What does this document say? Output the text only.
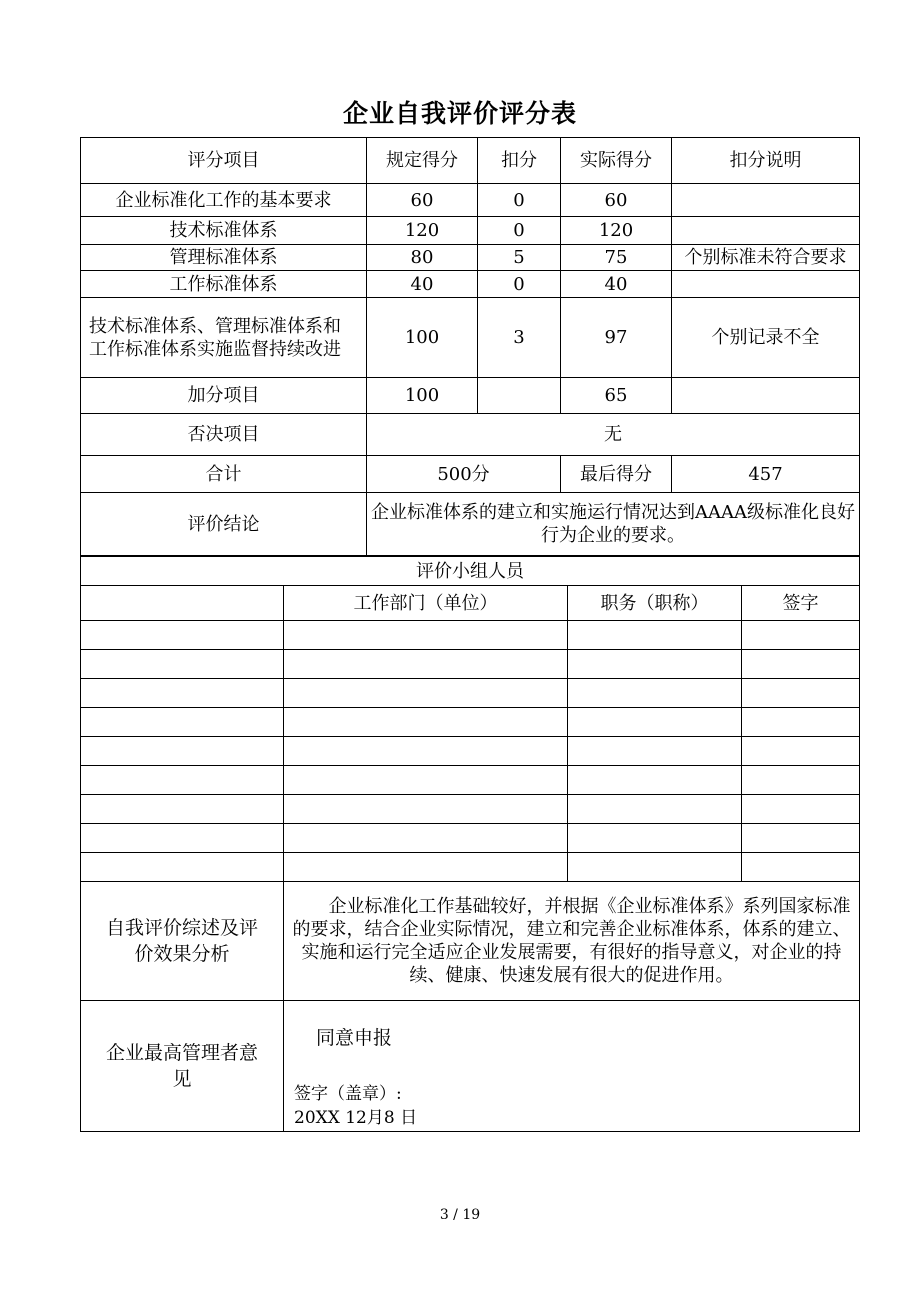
企业自我评价评分表
评分项目	规定得分	扣分	实际得分	扣分说明
企业标准化工作的基本要求	60	0	60	
技术标准体系	120	0	120	
管理标准体系	80	5	75	个别标准未符合要求
工作标准体系	40	0	40	

技术标准体系、管理标准体系和工作标准体系实施监督持续改进	100	3	97	个别记录不全
加分项目	100		65	
否决项目	无			
合计	500分		最后得分	457
评价结论	企业标准体系的建立和实施运行情况达到AAAA级标准化良好行为企业的要求。			
评价小组人员			
	工作部门（单位）	职务（职称）	签字

自我评价综述及评价效果分析	企业标准化工作基础较好，并根据《企业标准体系》系列国家标准的要求，结合企业实际情况，建立和完善企业标准体系，体系的建立、实施和运行完全适应企业发展需要，有很好的指导意义，对企业的持续、健康、快速发展有很大的促进作用。		

企业最高管理者意见	同意申报
签字（盖章）:
20XX 12月8 日		
3 / 19
